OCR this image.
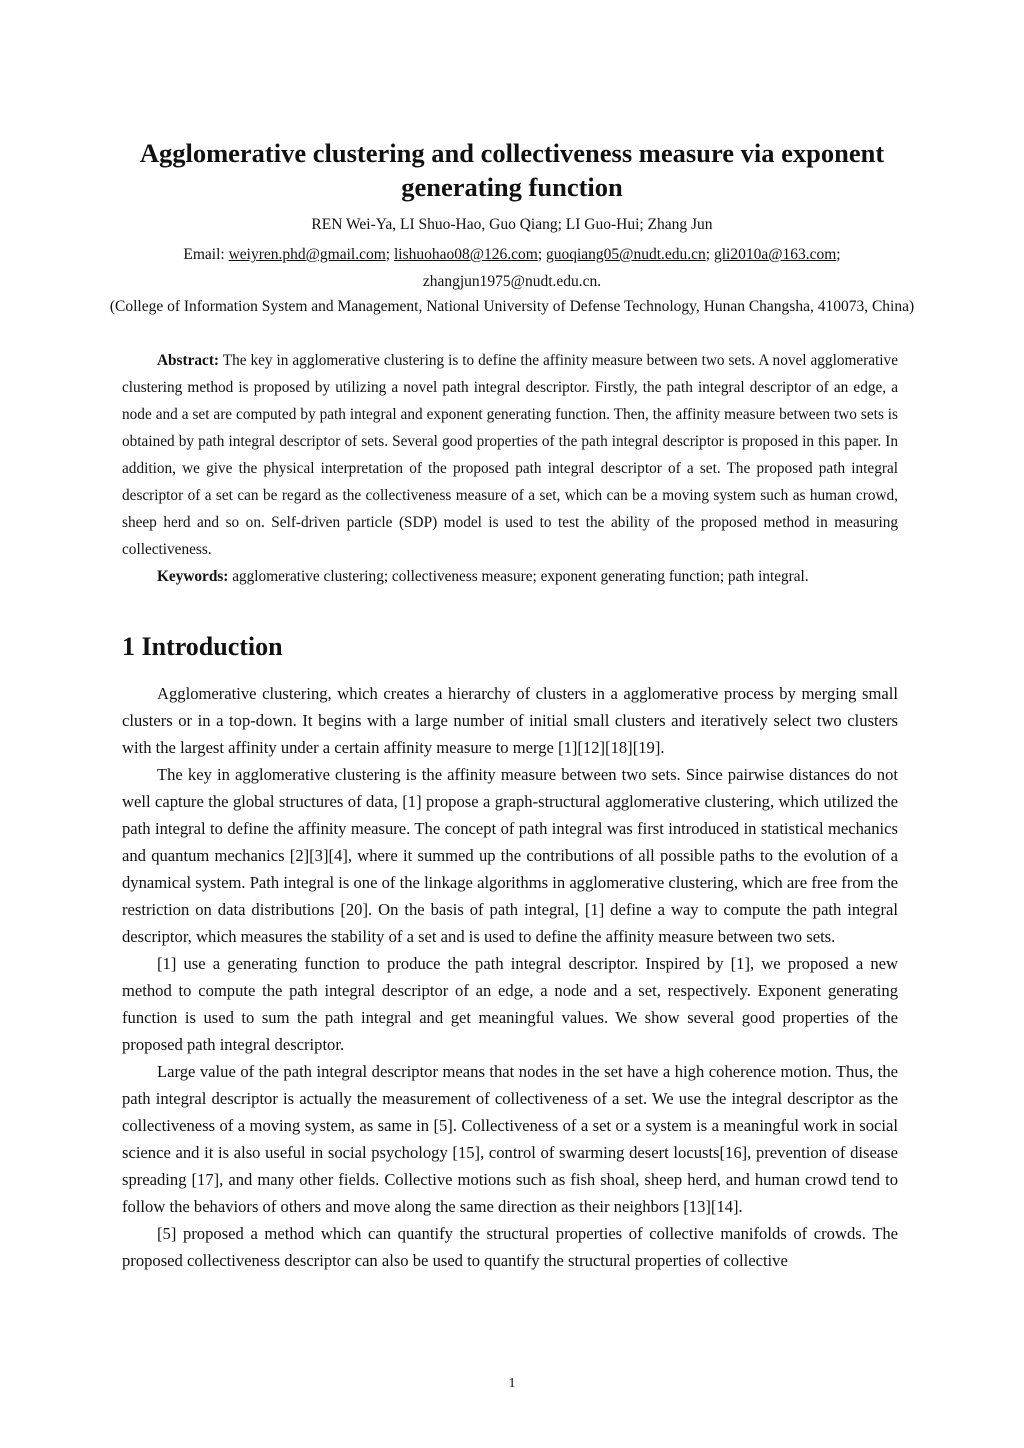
Agglomerative clustering and collectiveness measure via exponent generating function
REN Wei-Ya, LI Shuo-Hao, Guo Qiang; LI Guo-Hui; Zhang Jun
Email: weiyren.phd@gmail.com; lishuohao08@126.com; guoqiang05@nudt.edu.cn; gli2010a@163.com;
zhangjun1975@nudt.edu.cn.
(College of Information System and Management, National University of Defense Technology, Hunan Changsha, 410073, China)

Abstract: The key in agglomerative clustering is to define the affinity measure between two sets. A novel agglomerative clustering method is proposed by utilizing a novel path integral descriptor. Firstly, the path integral descriptor of an edge, a node and a set are computed by path integral and exponent generating function. Then, the affinity measure between two sets is obtained by path integral descriptor of sets. Several good properties of the path integral descriptor is proposed in this paper. In addition, we give the physical interpretation of the proposed path integral descriptor of a set. The proposed path integral descriptor of a set can be regard as the collectiveness measure of a set, which can be a moving system such as human crowd, sheep herd and so on. Self-driven particle (SDP) model is used to test the ability of the proposed method in measuring collectiveness.

Keywords: agglomerative clustering; collectiveness measure; exponent generating function; path integral.

1 Introduction

Agglomerative clustering, which creates a hierarchy of clusters in a agglomerative process by merging small clusters or in a top-down. It begins with a large number of initial small clusters and iteratively select two clusters with the largest affinity under a certain affinity measure to merge [1][12][18][19].

The key in agglomerative clustering is the affinity measure between two sets. Since pairwise distances do not well capture the global structures of data, [1] propose a graph-structural agglomerative clustering, which utilized the path integral to define the affinity measure. The concept of path integral was first introduced in statistical mechanics and quantum mechanics [2][3][4], where it summed up the contributions of all possible paths to the evolution of a dynamical system. Path integral is one of the linkage algorithms in agglomerative clustering, which are free from the restriction on data distributions [20]. On the basis of path integral, [1] define a way to compute the path integral descriptor, which measures the stability of a set and is used to define the affinity measure between two sets.

[1] use a generating function to produce the path integral descriptor. Inspired by [1], we proposed a new method to compute the path integral descriptor of an edge, a node and a set, respectively. Exponent generating function is used to sum the path integral and get meaningful values. We show several good properties of the proposed path integral descriptor.

Large value of the path integral descriptor means that nodes in the set have a high coherence motion. Thus, the path integral descriptor is actually the measurement of collectiveness of a set. We use the integral descriptor as the collectiveness of a moving system, as same in [5]. Collectiveness of a set or a system is a meaningful work in social science and it is also useful in social psychology [15], control of swarming desert locusts[16], prevention of disease spreading [17], and many other fields. Collective motions such as fish shoal, sheep herd, and human crowd tend to follow the behaviors of others and move along the same direction as their neighbors [13][14].

[5] proposed a method which can quantify the structural properties of collective manifolds of crowds. The proposed collectiveness descriptor can also be used to quantify the structural properties of collective

1
